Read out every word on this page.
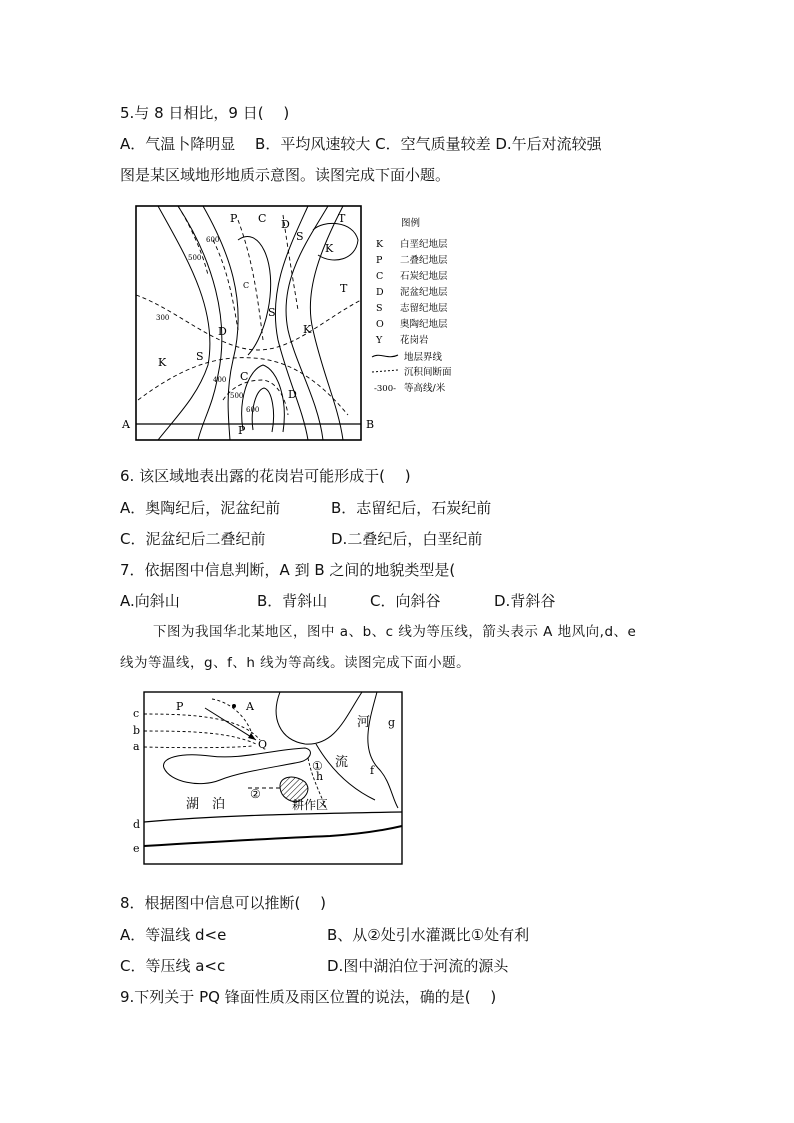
5.与 8 日相比，9 日(　 )
A．气温卜降明显　 B．平均风速较大 C．空气质量较差 D.午后对流较强
图是某区域地形地质示意图。读图完成下面小题。
P C D
S
T
K
T
S
K
D
K	S
C
D
P
C
600
500
300
400
500
600
A	B
图例
K 白垩纪地层
P 二叠纪地层
C 石炭纪地层
D 泥盆纪地层
S 志留纪地层
O 奥陶纪地层
Y 花岗岩
地层界线
沉积间断面
-300- 等高线/米
6. 该区域地表出露的花岗岩可能形成于(　 )
A．奥陶纪后，泥盆纪前	B．志留纪后，石炭纪前
C．泥盆纪后二叠纪前	D.二叠纪后，白垩纪前
7．依据图中信息判断，A 到 B 之间的地貌类型是(
A.向斜山	B．背斜山	C．向斜谷	D.背斜谷
下图为我国华北某地区，图中 a、b、c 线为等压线，箭头表示 A 地风向,d、e
线为等温线，g、f、h 线为等高线。读图完成下面小题。
c
b
a
d
e
P	A
Q
g
f
h
河
流
①
②
湖 泊	耕作区
8．根据图中信息可以推断(　 )
A．等温线 d<e	B、从②处引水灌溉比①处有利
C．等压线 a<c	D.图中湖泊位于河流的源头
9.下列关于 PQ 锋面性质及雨区位置的说法，确的是(　 )
